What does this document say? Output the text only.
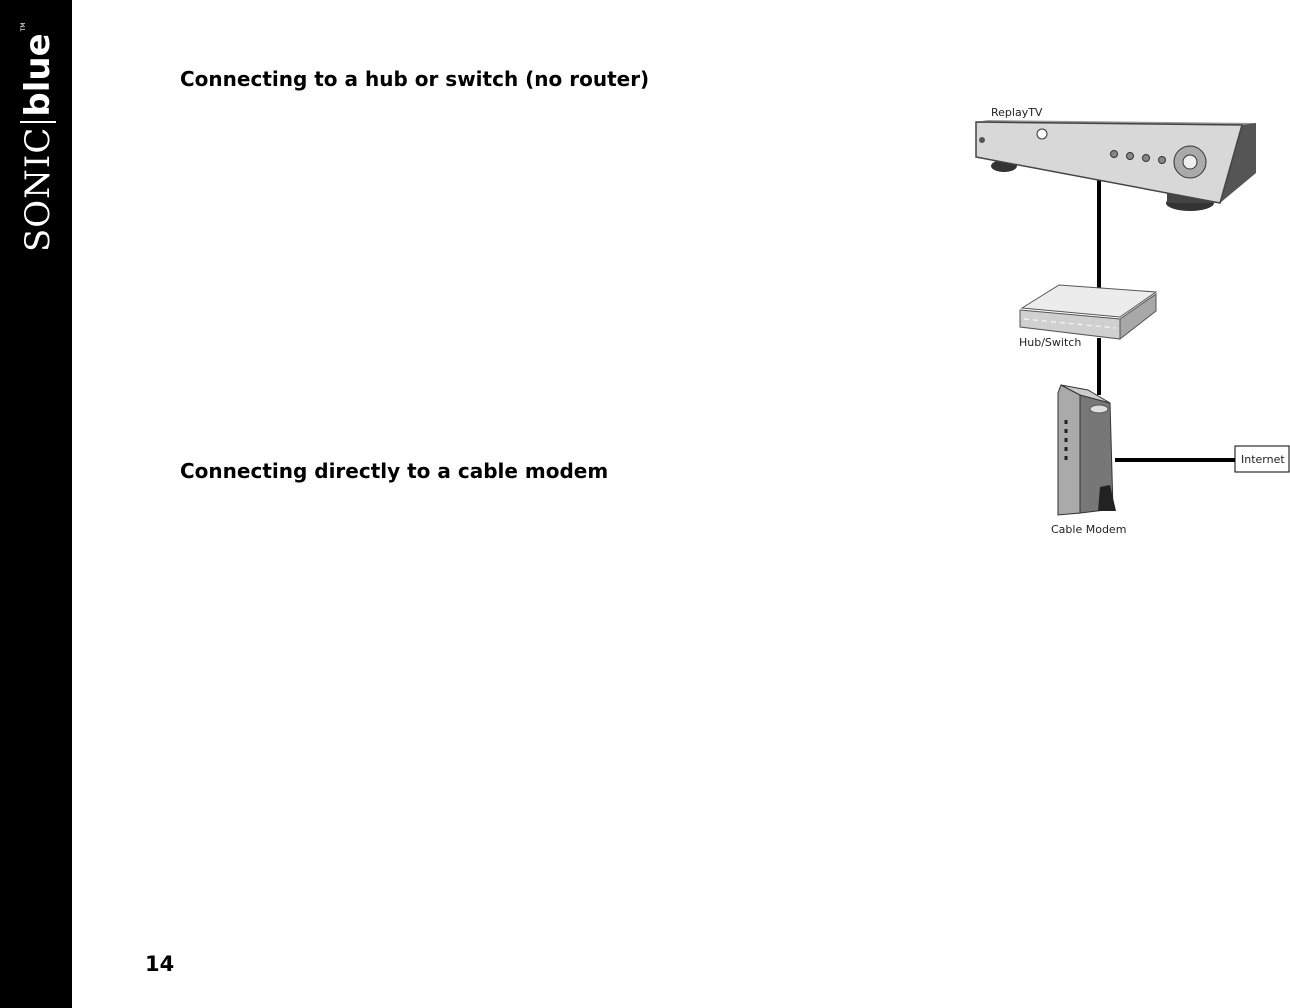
SONIC
blue
TM
Connecting to a hub or switch (no router)
Connecting directly to a cable modem
ReplayTV
Hub/Switch
Cable Modem
Internet
14
